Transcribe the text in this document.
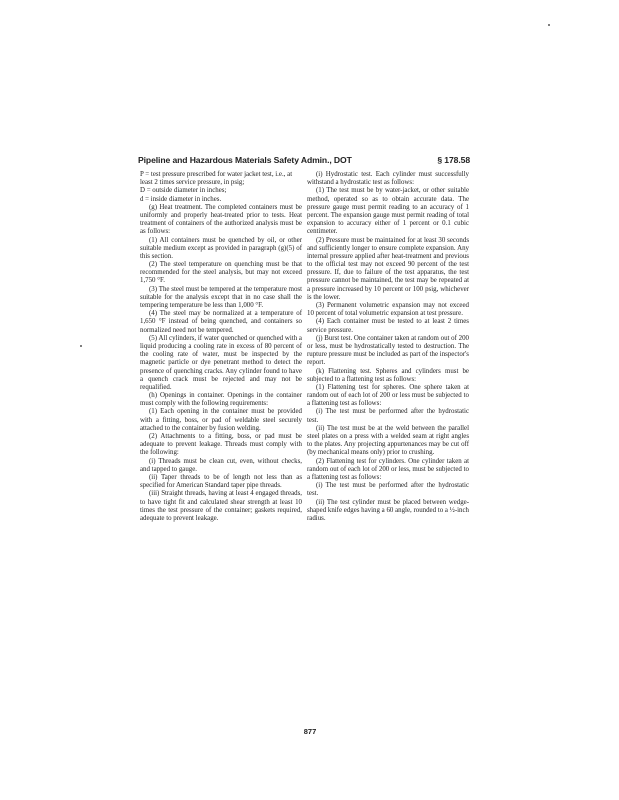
Pipeline and Hazardous Materials Safety Admin., DOT	§ 178.58
P = test pressure prescribed for water jacket test, i.e., at least 2 times service pressure, in psig;
D = outside diameter in inches;
d = inside diameter in inches.

(g) Heat treatment. The completed containers must be uniformly and properly heat-treated prior to tests. Heat treatment of containers of the authorized analysis must be as follows:

(1) All containers must be quenched by oil, or other suitable medium except as provided in paragraph (g)(5) of this section.

(2) The steel temperature on quenching must be that recommended for the steel analysis, but may not exceed 1,750 °F.

(3) The steel must be tempered at the temperature most suitable for the analysis except that in no case shall the tempering temperature be less than 1,000 °F.

(4) The steel may be normalized at a temperature of 1,650 °F instead of being quenched, and containers so normalized need not be tempered.

(5) All cylinders, if water quenched or quenched with a liquid producing a cooling rate in excess of 80 percent of the cooling rate of water, must be inspected by the magnetic particle or dye penetrant method to detect the presence of quenching cracks. Any cylinder found to have a quench crack must be rejected and may not be requalified.

(h) Openings in container. Openings in the container must comply with the following requirements:

(1) Each opening in the container must be provided with a fitting, boss, or pad of weldable steel securely attached to the container by fusion welding.

(2) Attachments to a fitting, boss, or pad must be adequate to prevent leakage. Threads must comply with the following:

(i) Threads must be clean cut, even, without checks, and tapped to gauge.

(ii) Taper threads to be of length not less than as specified for American Standard taper pipe threads.

(iii) Straight threads, having at least 4 engaged threads, to have tight fit and calculated shear strength at least 10 times the test pressure of the container; gaskets required, adequate to prevent leakage.

(i) Hydrostatic test. Each cylinder must successfully withstand a hydrostatic test as follows:

(1) The test must be by water-jacket, or other suitable method, operated so as to obtain accurate data. The pressure gauge must permit reading to an accuracy of 1 percent. The expansion gauge must permit reading of total expansion to accuracy either of 1 percent or 0.1 cubic centimeter.

(2) Pressure must be maintained for at least 30 seconds and sufficiently longer to ensure complete expansion. Any internal pressure applied after heat-treatment and previous to the official test may not exceed 90 percent of the test pressure. If, due to failure of the test apparatus, the test pressure cannot be maintained, the test may be repeated at a pressure increased by 10 percent or 100 psig, whichever is the lower.

(3) Permanent volumetric expansion may not exceed 10 percent of total volumetric expansion at test pressure.

(4) Each container must be tested to at least 2 times service pressure.

(j) Burst test. One container taken at random out of 200 or less, must be hydrostatically tested to destruction. The rupture pressure must be included as part of the inspector's report.

(k) Flattening test. Spheres and cylinders must be subjected to a flattening test as follows:

(1) Flattening test for spheres. One sphere taken at random out of each lot of 200 or less must be subjected to a flattening test as follows:

(i) The test must be performed after the hydrostatic test.

(ii) The test must be at the weld between the parallel steel plates on a press with a welded seam at right angles to the plates. Any projecting appurtenances may be cut off (by mechanical means only) prior to crushing.

(2) Flattening test for cylinders. One cylinder taken at random out of each lot of 200 or less, must be subjected to a flattening test as follows:

(i) The test must be performed after the hydrostatic test.

(ii) The test cylinder must be placed between wedge-shaped knife edges having a 60 angle, rounded to a ½-inch radius.

877
